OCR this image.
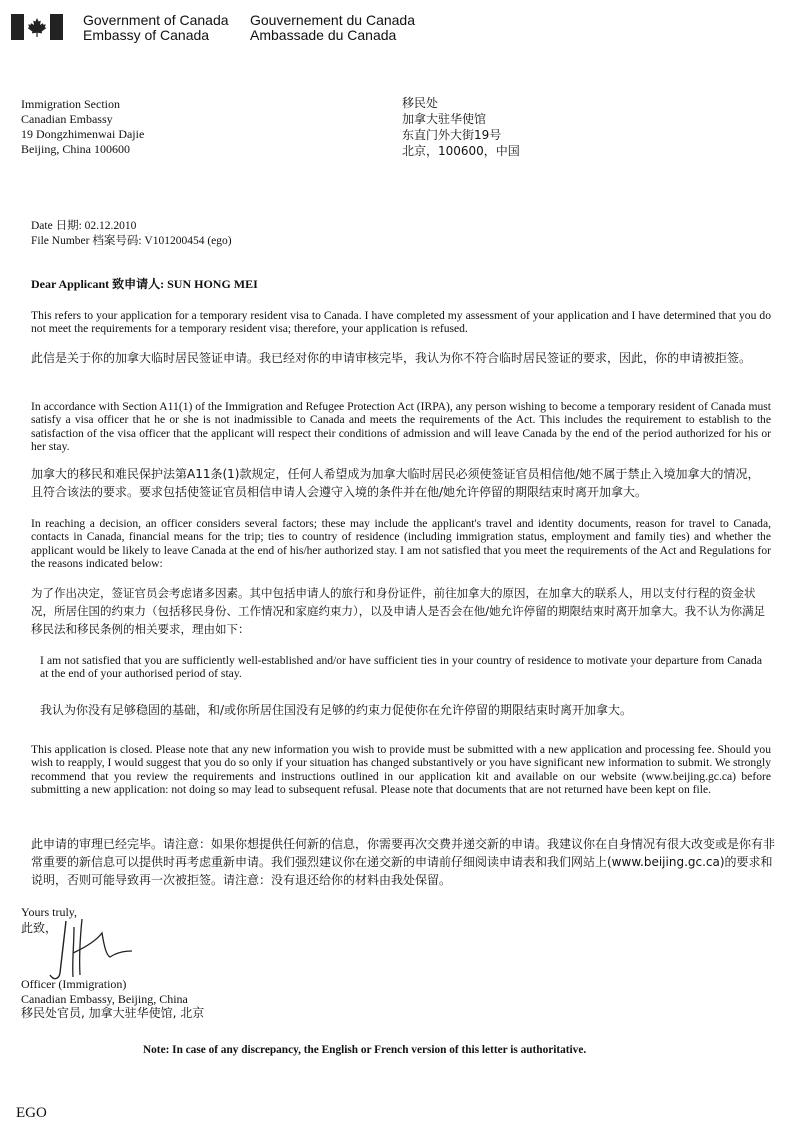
Government of Canada
Embassy of Canada
Gouvernement du Canada
Ambassade du Canada
Immigration Section
Canadian Embassy
19 Dongzhimenwai Dajie
Beijing, China 100600
移民处
加拿大驻华使馆
东直门外大街19号
北京，100600，中国
Date 日期: 02.12.2010
File Number 档案号码: V101200454 (ego)
Dear Applicant 致申请人: SUN HONG MEI
This refers to your application for a temporary resident visa to Canada. I have completed my assessment of your application and I have determined that you do not meet the requirements for a temporary resident visa; therefore, your application is refused.
此信是关于你的加拿大临时居民签证申请。我已经对你的申请审核完毕，我认为你不符合临时居民签证的要求，因此，你的申请被拒签。
In accordance with Section A11(1) of the Immigration and Refugee Protection Act (IRPA), any person wishing to become a temporary resident of Canada must satisfy a visa officer that he or she is not inadmissible to Canada and meets the requirements of the Act. This includes the requirement to establish to the satisfaction of the visa officer that the applicant will respect their conditions of admission and will leave Canada by the end of the period authorized for his or her stay.
加拿大的移民和难民保护法第A11条(1)款规定，任何人希望成为加拿大临时居民必须使签证官员相信他/她不属于禁止入境加拿大的情况，且符合该法的要求。要求包括使签证官员相信申请人会遵守入境的条件并在他/她允许停留的期限结束时离开加拿大。
In reaching a decision, an officer considers several factors; these may include the applicant's travel and identity documents, reason for travel to Canada, contacts in Canada, financial means for the trip; ties to country of residence (including immigration status, employment and family ties) and whether the applicant would be likely to leave Canada at the end of his/her authorized stay. I am not satisfied that you meet the requirements of the Act and Regulations for the reasons indicated below:
为了作出决定，签证官员会考虑诸多因素。其中包括申请人的旅行和身份证件，前往加拿大的原因，在加拿大的联系人，用以支付行程的资金状况，所居住国的约束力（包括移民身份、工作情况和家庭约束力），以及申请人是否会在他/她允许停留的期限结束时离开加拿大。我不认为你满足移民法和移民条例的相关要求，理由如下：
I am not satisfied that you are sufficiently well-established and/or have sufficient ties in your country of residence to motivate your departure from Canada at the end of your authorised period of stay.
我认为你没有足够稳固的基础，和/或你所居住国没有足够的约束力促使你在允许停留的期限结束时离开加拿大。
This application is closed. Please note that any new information you wish to provide must be submitted with a new application and processing fee. Should you wish to reapply, I would suggest that you do so only if your situation has changed substantively or you have significant new information to submit. We strongly recommend that you review the requirements and instructions outlined in our application kit and available on our website (www.beijing.gc.ca) before submitting a new application: not doing so may lead to subsequent refusal. Please note that documents that are not returned have been kept on file.
此申请的审理已经完毕。请注意：如果你想提供任何新的信息，你需要再次交费并递交新的申请。我建议你在自身情况有很大改变或是你有非常重要的新信息可以提供时再考虑重新申请。我们强烈建议你在递交新的申请前仔细阅读申请表和我们网站上(www.beijing.gc.ca)的要求和说明，否则可能导致再一次被拒签。请注意：没有退还给你的材料由我处保留。
Yours truly,
此致，
Officer (Immigration)
Canadian Embassy, Beijing, China
移民处官员, 加拿大驻华使馆, 北京
Note: In case of any discrepancy, the English or French version of this letter is authoritative.
EGO
